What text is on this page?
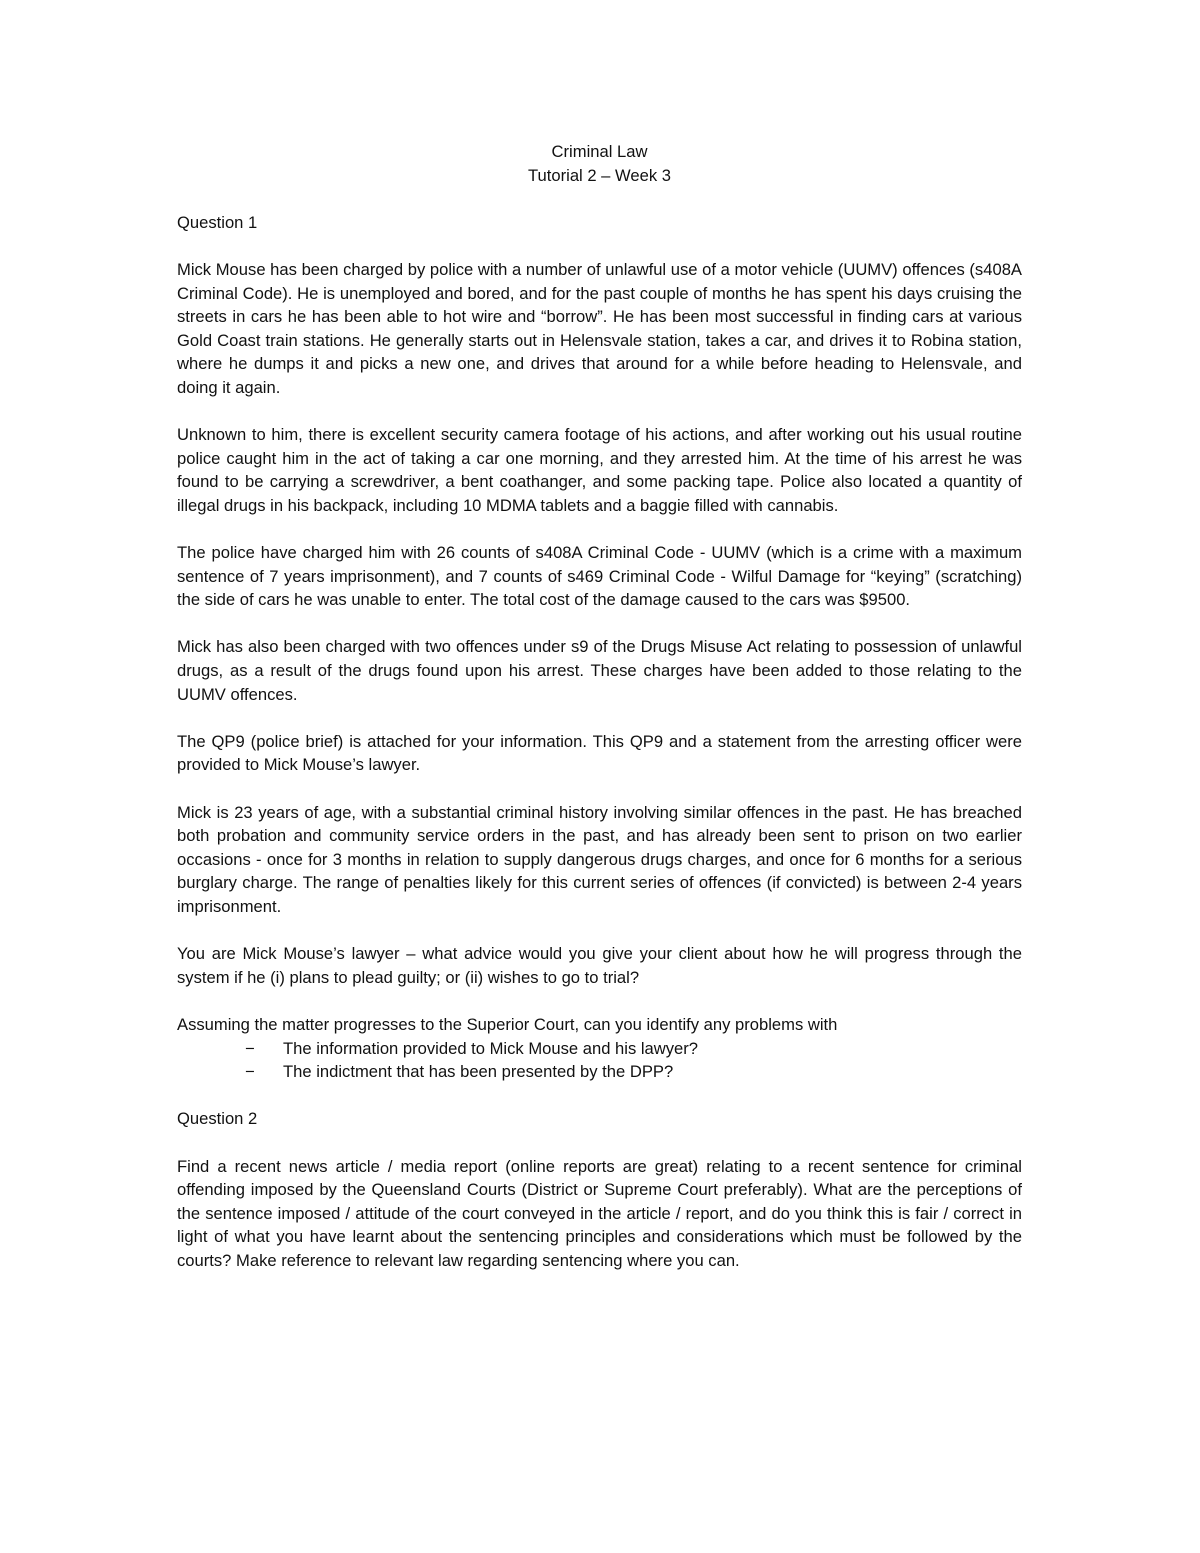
Criminal Law
Tutorial 2 – Week 3

Question 1

Mick Mouse has been charged by police with a number of unlawful use of a motor vehicle (UUMV) offences (s408A Criminal Code). He is unemployed and bored, and for the past couple of months he has spent his days cruising the streets in cars he has been able to hot wire and “borrow”. He has been most successful in finding cars at various Gold Coast train stations. He generally starts out in Helensvale station, takes a car, and drives it to Robina station, where he dumps it and picks a new one, and drives that around for a while before heading to Helensvale, and doing it again.

Unknown to him, there is excellent security camera footage of his actions, and after working out his usual routine police caught him in the act of taking a car one morning, and they arrested him. At the time of his arrest he was found to be carrying a screwdriver, a bent coathanger, and some packing tape. Police also located a quantity of illegal drugs in his backpack, including 10 MDMA tablets and a baggie filled with cannabis.

The police have charged him with 26 counts of s408A Criminal Code - UUMV (which is a crime with a maximum sentence of 7 years imprisonment), and 7 counts of s469 Criminal Code - Wilful Damage for “keying” (scratching) the side of cars he was unable to enter. The total cost of the damage caused to the cars was $9500.

Mick has also been charged with two offences under s9 of the Drugs Misuse Act relating to possession of unlawful drugs, as a result of the drugs found upon his arrest. These charges have been added to those relating to the UUMV offences.

The QP9 (police brief) is attached for your information. This QP9 and a statement from the arresting officer were provided to Mick Mouse’s lawyer.

Mick is 23 years of age, with a substantial criminal history involving similar offences in the past. He has breached both probation and community service orders in the past, and has already been sent to prison on two earlier occasions - once for 3 months in relation to supply dangerous drugs charges, and once for 6 months for a serious burglary charge. The range of penalties likely for this current series of offences (if convicted) is between 2-4 years imprisonment.

You are Mick Mouse’s lawyer – what advice would you give your client about how he will progress through the system if he (i) plans to plead guilty; or (ii) wishes to go to trial?

Assuming the matter progresses to the Superior Court, can you identify any problems with

− The information provided to Mick Mouse and his lawyer?
− The indictment that has been presented by the DPP?

Question 2

Find a recent news article / media report (online reports are great) relating to a recent sentence for criminal offending imposed by the Queensland Courts (District or Supreme Court preferably). What are the perceptions of the sentence imposed / attitude of the court conveyed in the article / report, and do you think this is fair / correct in light of what you have learnt about the sentencing principles and considerations which must be followed by the courts? Make reference to relevant law regarding sentencing where you can.
